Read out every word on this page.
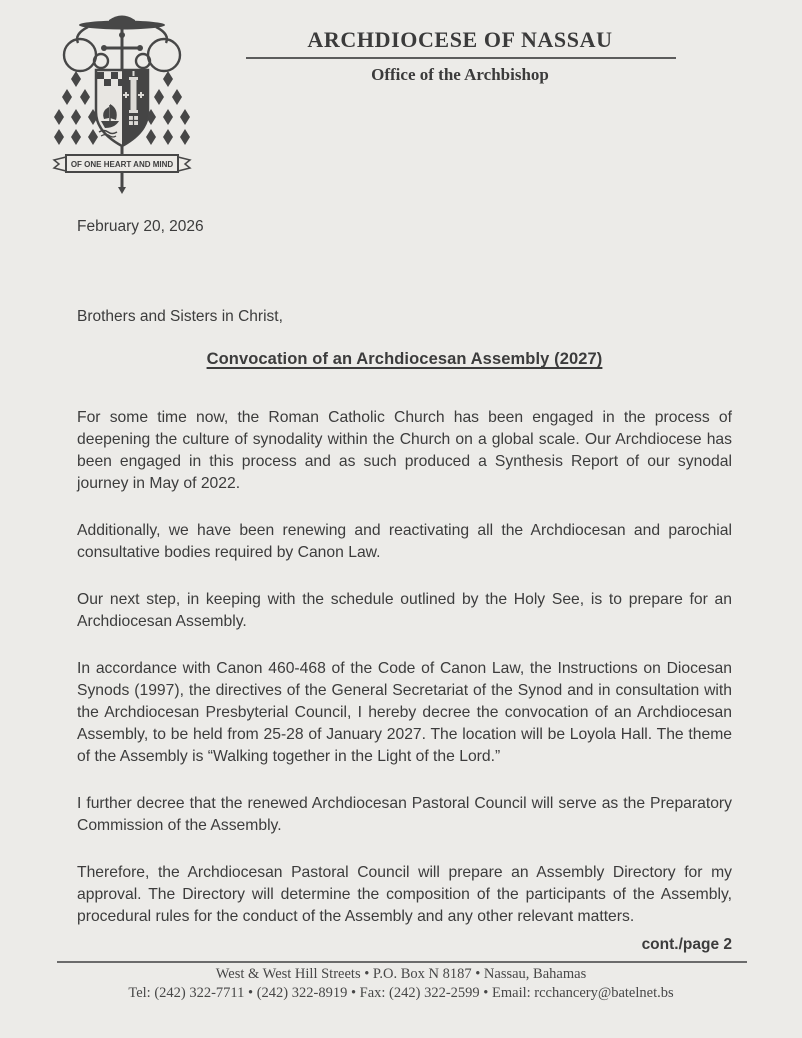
OF ONE HEART AND MIND
ARCHDIOCESE OF NASSAU
Office of the Archbishop
February 20, 2026
Brothers and Sisters in Christ,
Convocation of an Archdiocesan Assembly (2027)

For some time now, the Roman Catholic Church has been engaged in the process of deepening the culture of synodality within the Church on a global scale. Our Archdiocese has been engaged in this process and as such produced a Synthesis Report of our synodal journey in May of 2022.

Additionally, we have been renewing and reactivating all the Archdiocesan and parochial consultative bodies required by Canon Law.

Our next step, in keeping with the schedule outlined by the Holy See, is to prepare for an Archdiocesan Assembly.

In accordance with Canon 460-468 of the Code of Canon Law, the Instructions on Diocesan Synods (1997), the directives of the General Secretariat of the Synod and in consultation with the Archdiocesan Presbyterial Council, I hereby decree the convocation of an Archdiocesan Assembly, to be held from 25-28 of January 2027. The location will be Loyola Hall. The theme of the Assembly is “Walking together in the Light of the Lord.”

I further decree that the renewed Archdiocesan Pastoral Council will serve as the Preparatory Commission of the Assembly.

Therefore, the Archdiocesan Pastoral Council will prepare an Assembly Directory for my approval. The Directory will determine the composition of the participants of the Assembly, procedural rules for the conduct of the Assembly and any other relevant matters.

cont./page 2
West & West Hill Streets • P.O. Box N 8187 • Nassau, Bahamas
Tel: (242) 322-7711 • (242) 322-8919 • Fax: (242) 322-2599 • Email: rcchancery@batelnet.bs
